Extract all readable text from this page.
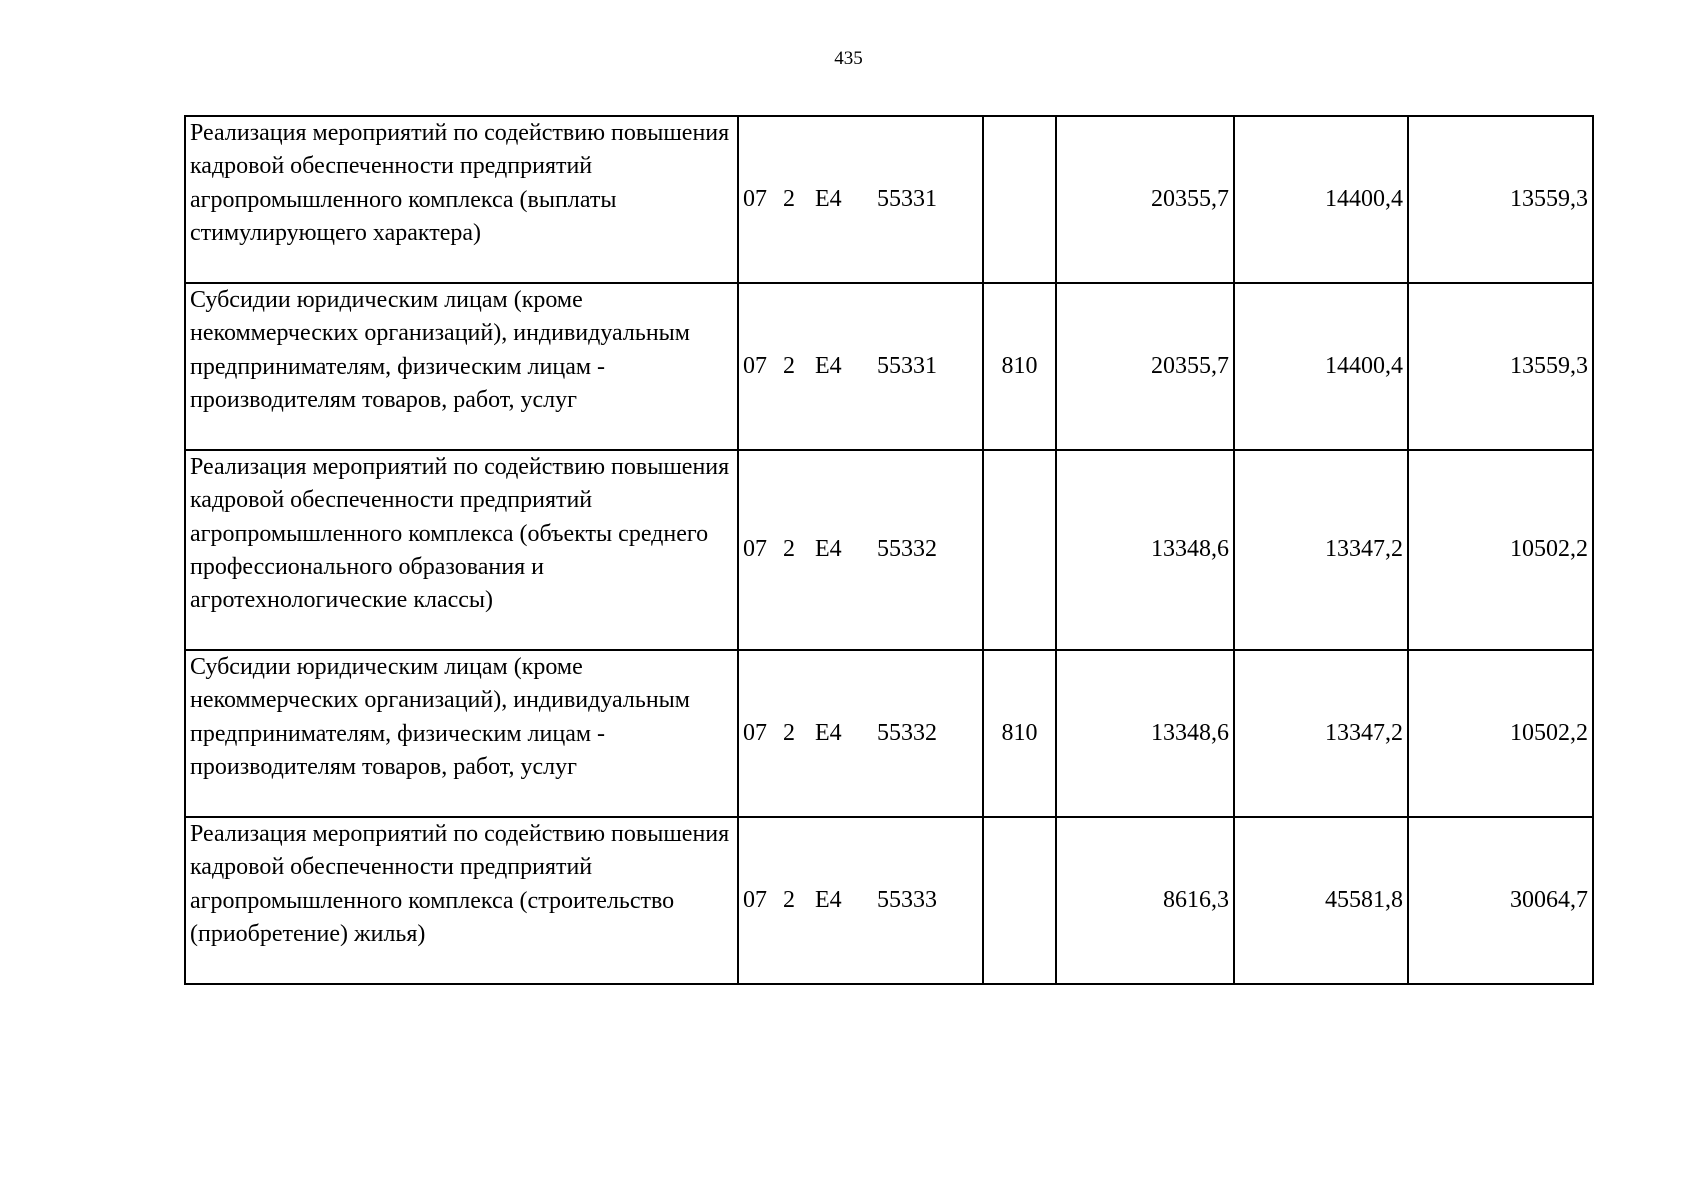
435
Реализация мероприятий по содействию повышения кадровой обеспеченности предприятий агропромышленного комплекса (выплаты стимулирующего характера)	07 2 Е4 55331		20355,7	14400,4	13559,3
Субсидии юридическим лицам (кроме некоммерческих организаций), индивидуальным предпринимателям, физическим лицам - производителям товаров, работ, услуг	07 2 Е4 55331	810	20355,7	14400,4	13559,3
Реализация мероприятий по содействию повышения кадровой обеспеченности предприятий агропромышленного комплекса (объекты среднего профессионального образования и агротехнологические классы)	07 2 Е4 55332		13348,6	13347,2	10502,2
Субсидии юридическим лицам (кроме некоммерческих организаций), индивидуальным предпринимателям, физическим лицам - производителям товаров, работ, услуг	07 2 Е4 55332	810	13348,6	13347,2	10502,2
Реализация мероприятий по содействию повышения кадровой обеспеченности предприятий агропромышленного комплекса (строительство (приобретение) жилья)	07 2 Е4 55333		8616,3	45581,8	30064,7
